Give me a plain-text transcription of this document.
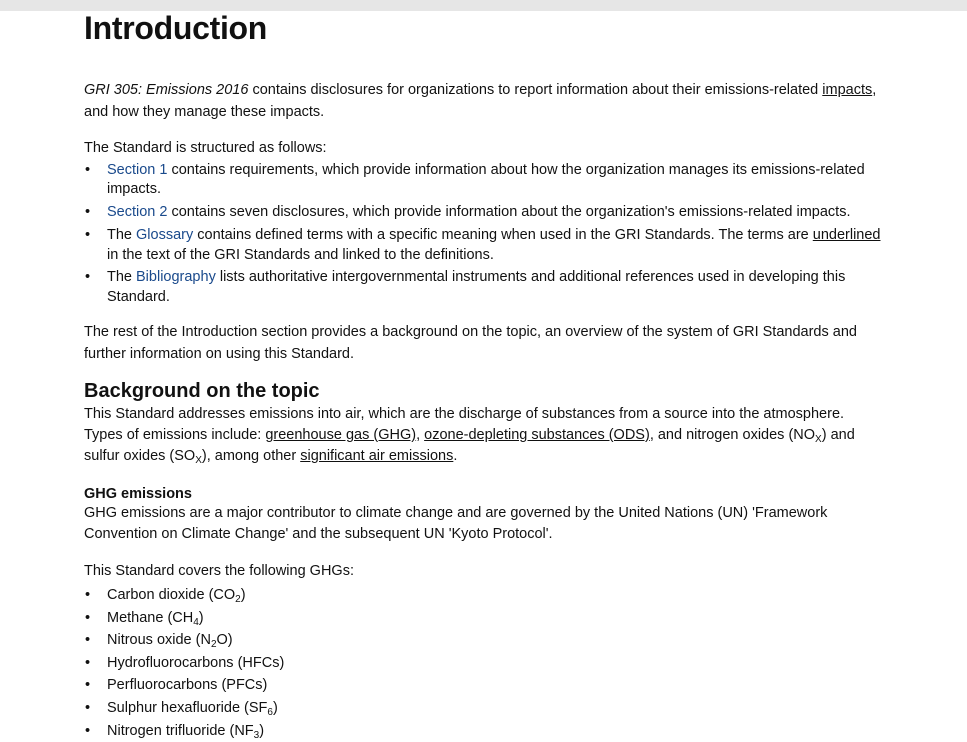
Introduction

GRI 305: Emissions 2016 contains disclosures for organizations to report information about their emissions-related impacts, and how they manage these impacts.

The Standard is structured as follows:

• Section 1 contains requirements, which provide information about how the organization manages its emissions-related impacts.
• Section 2 contains seven disclosures, which provide information about the organization's emissions-related impacts.
• The Glossary contains defined terms with a specific meaning when used in the GRI Standards. The terms are underlined in the text of the GRI Standards and linked to the definitions.
• The Bibliography lists authoritative intergovernmental instruments and additional references used in developing this Standard.

The rest of the Introduction section provides a background on the topic, an overview of the system of GRI Standards and further information on using this Standard.

Background on the topic

This Standard addresses emissions into air, which are the discharge of substances from a source into the atmosphere.
Types of emissions include: greenhouse gas (GHG), ozone-depleting substances (ODS), and nitrogen oxides $(NO_X)$ and
sulfur oxides $(SO_X)$, among other significant air emissions.

GHG emissions

GHG emissions are a major contributor to climate change and are governed by the United Nations (UN) 'Framework Convention on Climate Change' and the subsequent UN 'Kyoto Protocol'.

This Standard covers the following GHGs:

• Carbon dioxide $(CO_2)$
• Methane $(CH_4)$
• Nitrous oxide $(N_2O)$
• Hydrofluorocarbons (HFCs)
• Perfluorocarbons (PFCs)
• Sulphur hexafluoride $(SF_6)$
• Nitrogen trifluoride $(NF_3)$
